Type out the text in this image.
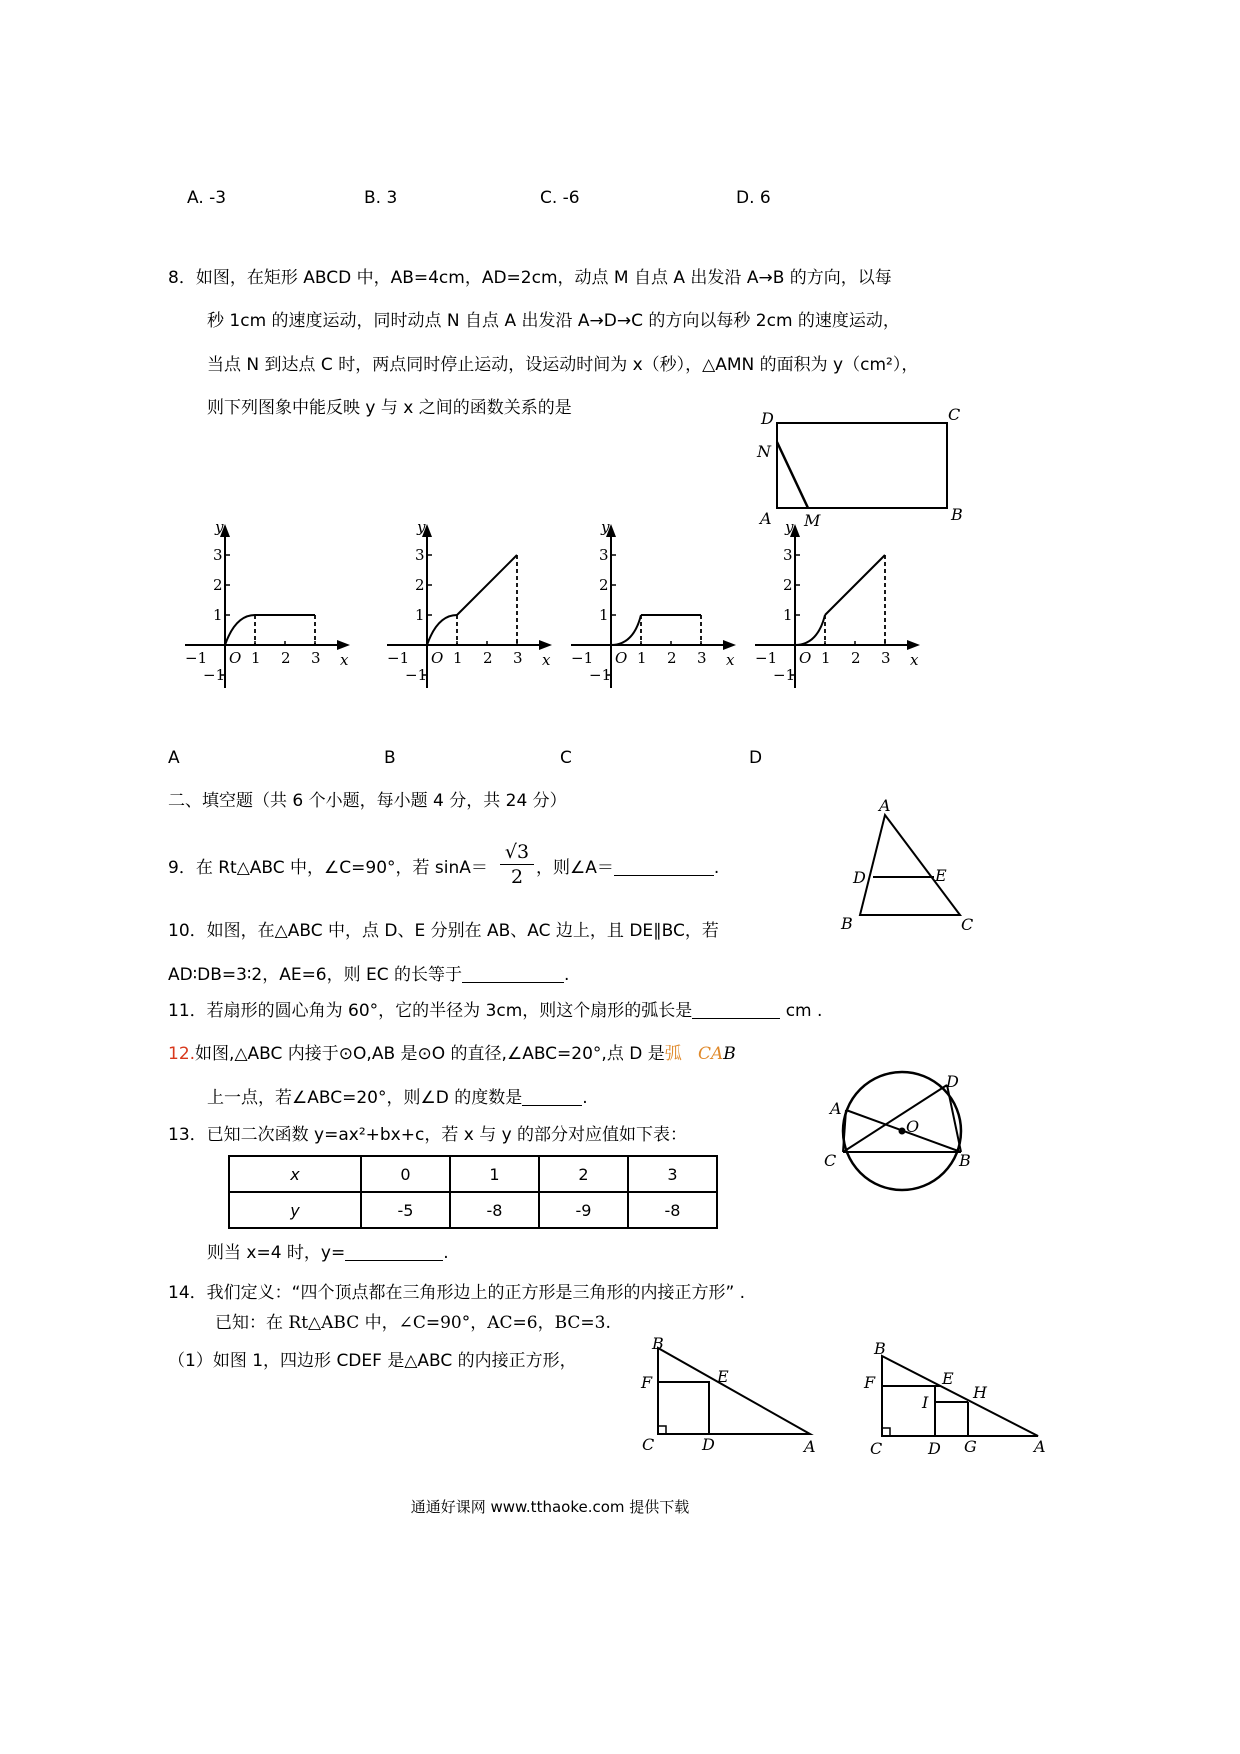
A. -3	B. 3	C. -6	D. 6
8．如图，在矩形 ABCD 中，AB=4cm，AD=2cm，动点 M 自点 A 出发沿 A→B 的方向，以每
秒 1cm 的速度运动，同时动点 N 自点 A 出发沿 A→D→C 的方向以每秒 2cm 的速度运动，
当点 N 到达点 C 时，两点同时停止运动，设运动时间为 x（秒），△AMN 的面积为 y（cm²），
则下列图象中能反映 y 与 x 之间的函数关系的是
D	C
N
A M	B
1
1
2
2
3
3
−1
−1
O	x
y
1
1
2
2
3
3
−1
−1
O	x
y
1
1
2
2
3
3
−1
−1
O	x
y
1
1
2
2
3
3
−1
−1
O	x
y
A	B	C	D
二、填空题（共 6 个小题，每小题 4 分，共 24 分）	A
D	E
B	C
9．在 Rt△ABC 中，∠C=90°，若 $\sin A= \frac{√3}{2}$ ，则∠A＝	.
10．如图，在△ABC 中，点 D、E 分别在 AB、AC 边上，且 DE∥BC，若
AD∶DB=3∶2，AE=6，则 EC 的长等于	.
11．若扇形的圆心角为 60°，它的半径为 3cm，则这个扇形的弧长是	cm .
12.如图,△ABC 内接于⊙O,AB 是⊙O 的直径,∠ABC=20°,点 D 是弧 CAB
上一点，若∠ABC=20°，则∠D 的度数是	.
D
A
O
C	B
13．已知二次函数 y=ax²+bx+c，若 x 与 y 的部分对应值如下表：
x	0	1	2	3
y	-5	-8	-9	-8
则当 x=4 时，y=	.
14．我们定义：“四个顶点都在三角形边上的正方形是三角形的内接正方形” .
已知：在 Rt△ABC 中，∠C=90°，AC=6，BC=3.
（1）如图 1，四边形 CDEF 是△ABC 的内接正方形，
B
F	E
C	D	A
B
F	E
H
I
C	D G	A
通通好课网 www.tthaoke.com 提供下载
